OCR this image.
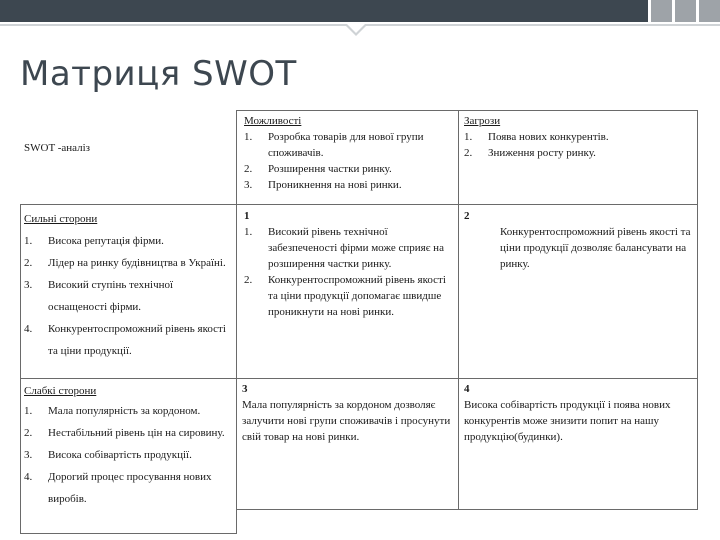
Матриця SWOT
SWOT -аналіз
Можливості
1. Розробка товарів для нової групи споживачів.
2. Розширення частки ринку.
3. Проникнення на нові ринки.
Загрози
1. Поява нових конкурентів.
2. Зниження росту ринку.
Сильні сторони
1. Висока репутація фірми.
2. Лідер на ринку будівництва в Україні.
3. Високий ступінь технічної оснащеності фірми.
4. Конкурентоспроможний рівень якості та ціни продукції.
1
1. Високий рівень технічної забезпеченості фірми може сприяє на розширення частки ринку.
2. Конкурентоспроможний рівень якості та ціни продукції допомагає швидше проникнути на нові ринки.
2
Конкурентоспроможний рівень якості та ціни продукції дозволяє балансувати на ринку.
Слабкі сторони
1. Мала популярність за кордоном.
2. Нестабільний рівень цін на сировину.
3. Висока собівартість продукції.
4. Дорогий процес просування нових виробів.
3
Мала популярність за кордоном дозволяє залучити нові групи споживачів і просунути свій товар на нові ринки.
4
Висока собівартість продукції і поява нових конкурентів може знизити попит на нашу продукцію(будинки).
